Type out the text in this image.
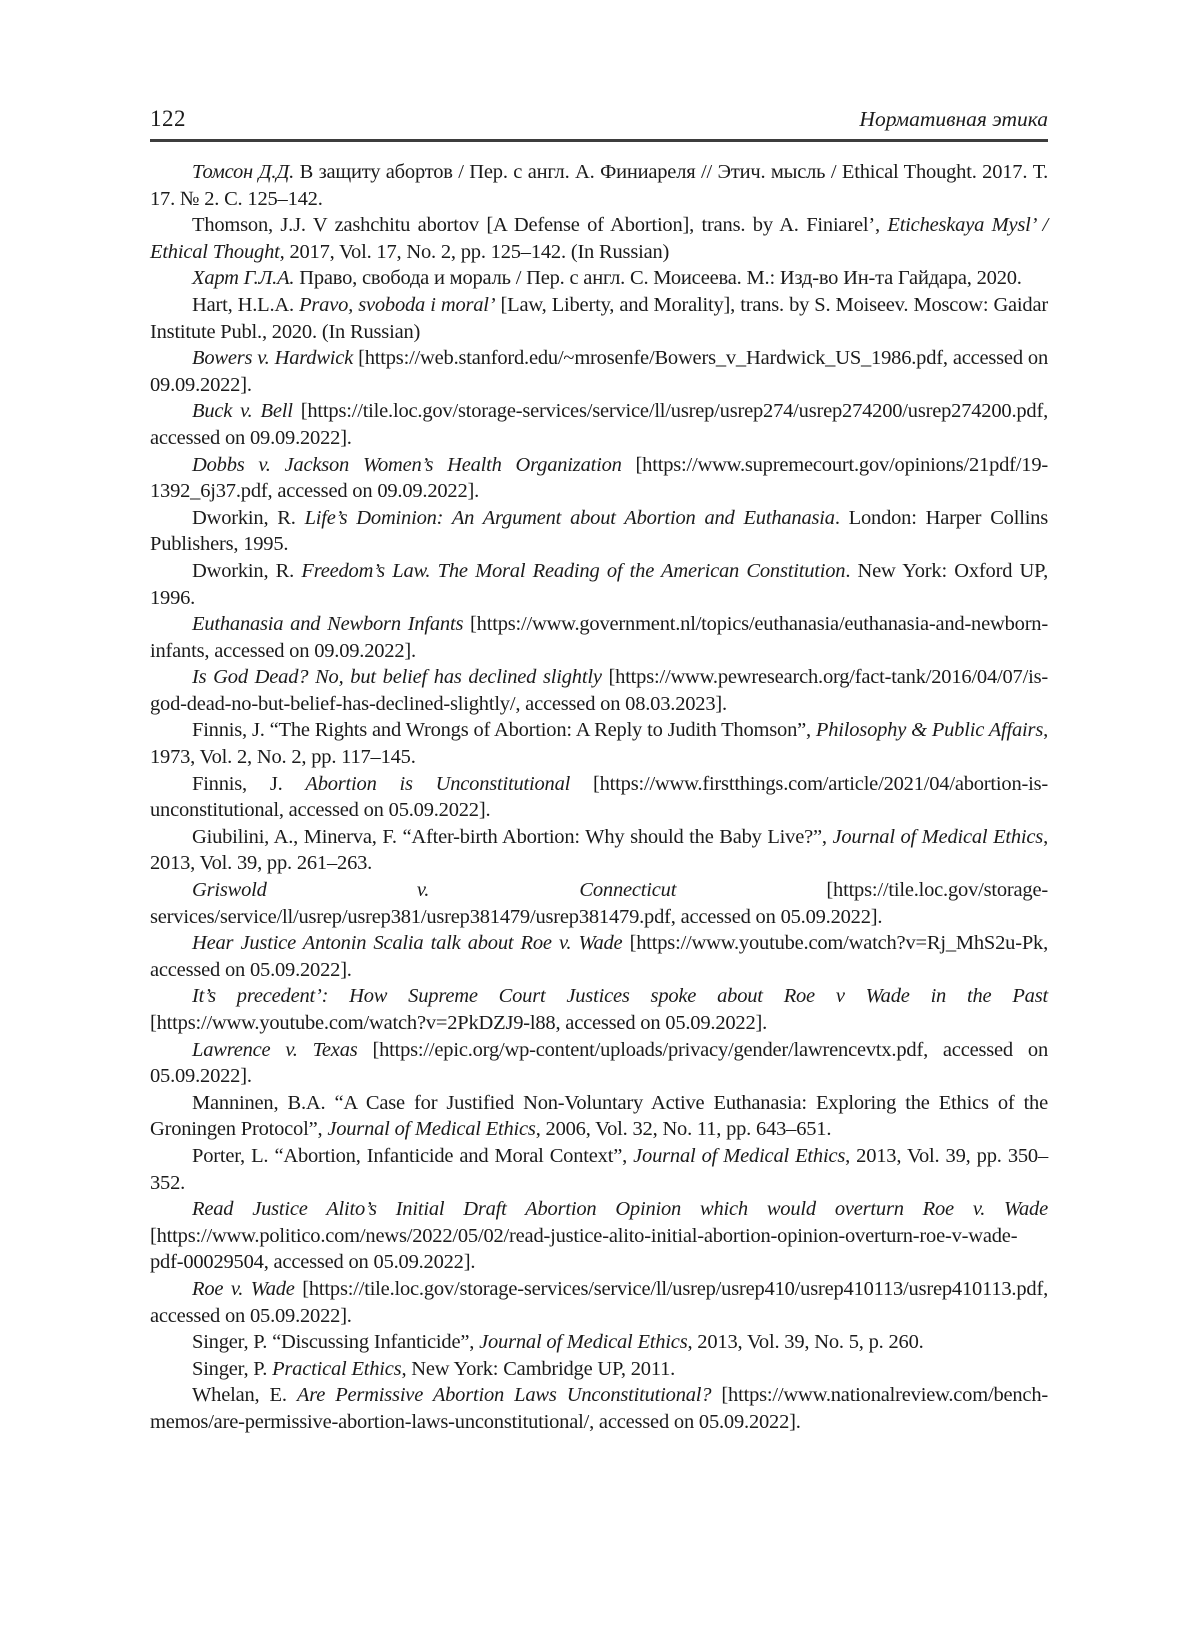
122	Нормативная этика

Томсон Д.Д. В защиту абортов / Пер. с англ. А. Финиареля // Этич. мысль / Ethical Thought. 2017. Т. 17. № 2. С. 125–142.

Thomson, J.J. V zashchitu abortov [A Defense of Abortion], trans. by A. Finiarel’, Eticheskaya Mysl’ / Ethical Thought, 2017, Vol. 17, No. 2, pp. 125–142. (In Russian)

Харт Г.Л.А. Право, свобода и мораль / Пер. с англ. С. Моисеева. М.: Изд-во Ин-та Гайдара, 2020.

Hart, H.L.A. Pravo, svoboda i moral’ [Law, Liberty, and Morality], trans. by S. Moiseev. Moscow: Gaidar Institute Publ., 2020. (In Russian)

Bowers v. Hardwick [https://web.stanford.edu/~mrosenfe/Bowers_v_Hardwick_US_1986.pdf, accessed on 09.09.2022].

Buck v. Bell [https://tile.loc.gov/storage-services/service/ll/usrep/usrep274/usrep274200/usrep274200.pdf, accessed on 09.09.2022].

Dobbs v. Jackson Women’s Health Organization [https://www.supremecourt.gov/opinions/21pdf/19-1392_6j37.pdf, accessed on 09.09.2022].

Dworkin, R. Life’s Dominion: An Argument about Abortion and Euthanasia. London: Harper Collins Publishers, 1995.

Dworkin, R. Freedom’s Law. The Moral Reading of the American Constitution. New York: Oxford UP, 1996.

Euthanasia and Newborn Infants [https://www.government.nl/topics/euthanasia/euthanasia-and-newborn-infants, accessed on 09.09.2022].

Is God Dead? No, but belief has declined slightly [https://www.pewresearch.org/fact-tank/2016/04/07/is-god-dead-no-but-belief-has-declined-slightly/, accessed on 08.03.2023].

Finnis, J. “The Rights and Wrongs of Abortion: A Reply to Judith Thomson”, Philosophy & Public Affairs, 1973, Vol. 2, No. 2, pp. 117–145.

Finnis, J. Abortion is Unconstitutional [https://www.firstthings.com/article/2021/04/abortion-is-unconstitutional, accessed on 05.09.2022].

Giubilini, A., Minerva, F. “After-birth Abortion: Why should the Baby Live?”, Journal of Medical Ethics, 2013, Vol. 39, pp. 261–263.

Griswold v. Connecticut [https://tile.loc.gov/storage-services/service/ll/usrep/usrep381/usrep381479/usrep381479.pdf, accessed on 05.09.2022].

Hear Justice Antonin Scalia talk about Roe v. Wade [https://www.youtube.com/watch?v=Rj_MhS2u-Pk, accessed on 05.09.2022].

It’s precedent’: How Supreme Court Justices spoke about Roe v Wade in the Past [https://www.youtube.com/watch?v=2PkDZJ9-l88, accessed on 05.09.2022].

Lawrence v. Texas [https://epic.org/wp-content/uploads/privacy/gender/lawrencevtx.pdf, accessed on 05.09.2022].

Manninen, B.A. “A Case for Justified Non-Voluntary Active Euthanasia: Exploring the Ethics of the Groningen Protocol”, Journal of Medical Ethics, 2006, Vol. 32, No. 11, pp. 643–651.

Porter, L. “Abortion, Infanticide and Moral Context”, Journal of Medical Ethics, 2013, Vol. 39, pp. 350–352.

Read Justice Alito’s Initial Draft Abortion Opinion which would overturn Roe v. Wade [https://www.politico.com/news/2022/05/02/read-justice-alito-initial-abortion-opinion-overturn-roe-v-wade-pdf-00029504, accessed on 05.09.2022].

Roe v. Wade [https://tile.loc.gov/storage-services/service/ll/usrep/usrep410/usrep410113/usrep410113.pdf, accessed on 05.09.2022].

Singer, P. “Discussing Infanticide”, Journal of Medical Ethics, 2013, Vol. 39, No. 5, p. 260.

Singer, P. Practical Ethics, New York: Cambridge UP, 2011.

Whelan, E. Are Permissive Abortion Laws Unconstitutional? [https://www.nationalreview.com/bench-memos/are-permissive-abortion-laws-unconstitutional/, accessed on 05.09.2022].
